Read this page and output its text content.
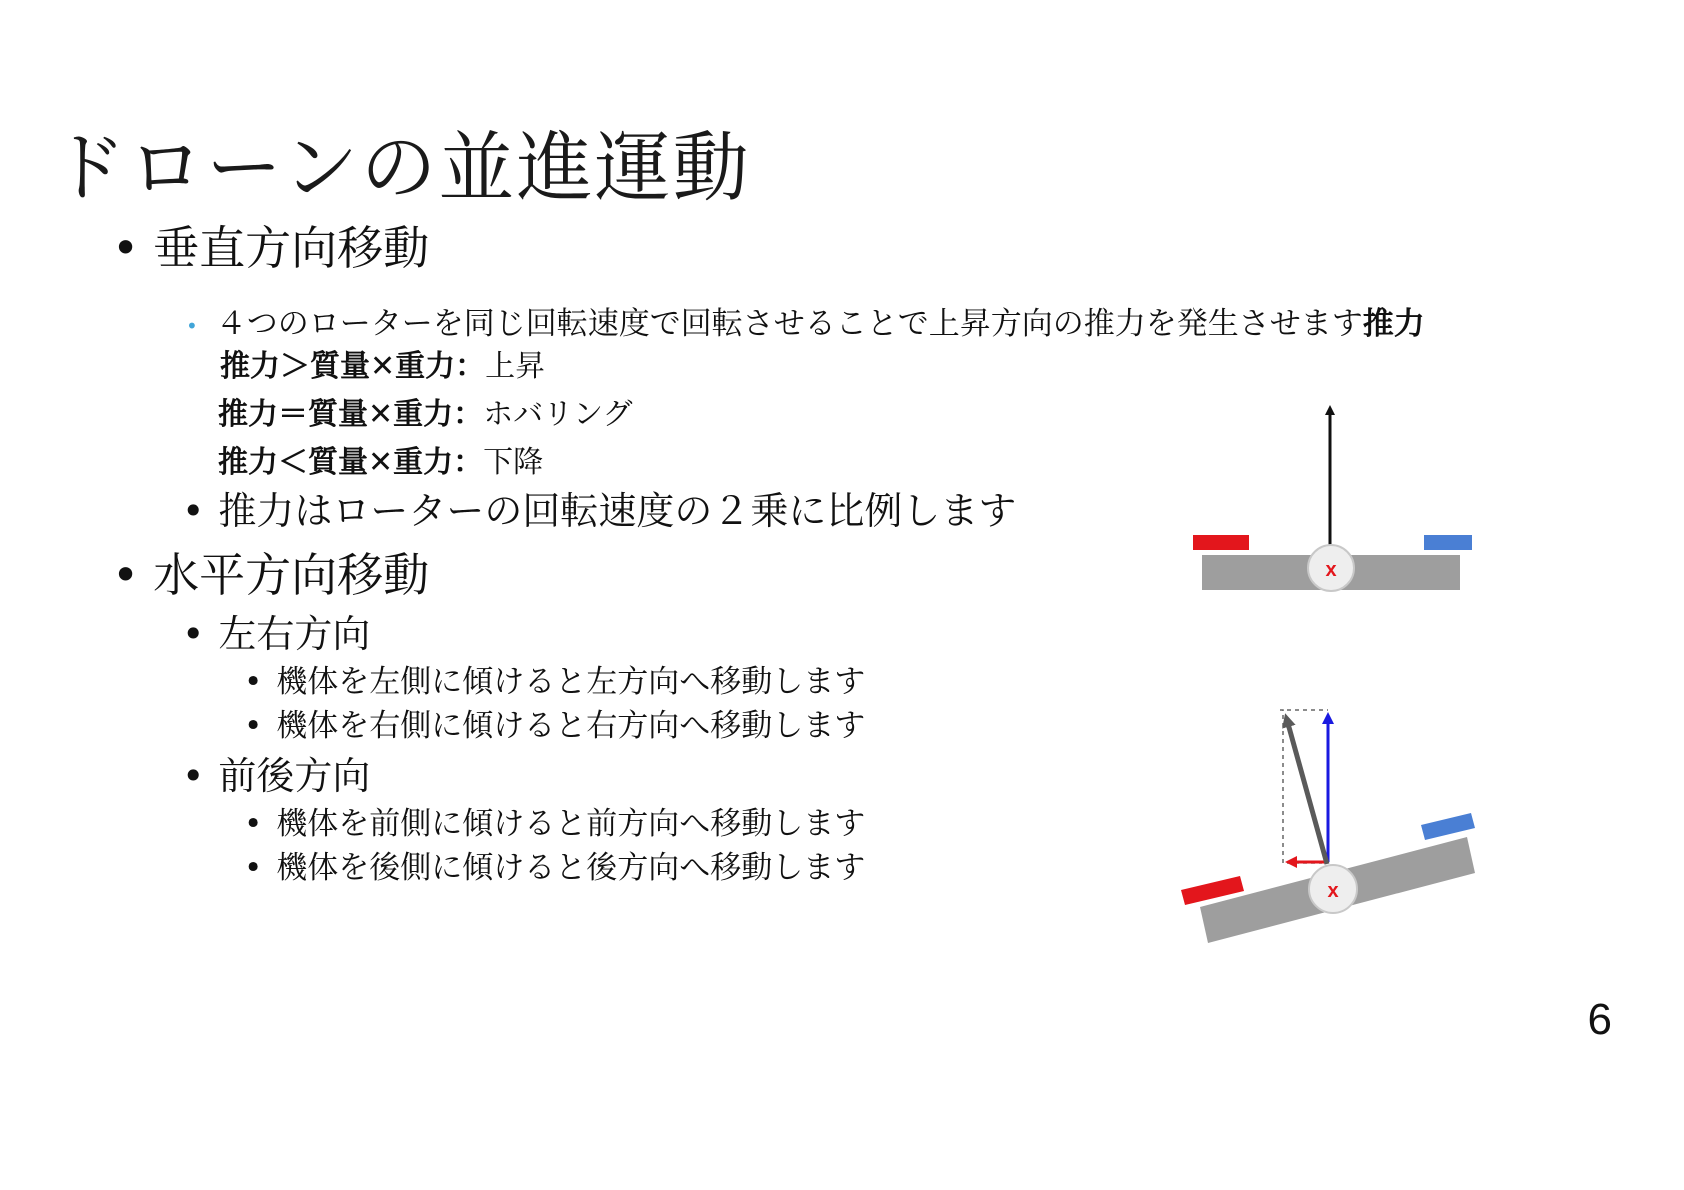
ドローンの並進運動
• 垂直方向移動
• ４つのローターを同じ回転速度で回転させることで上昇方向の推力を発生させます推力
推力＞質量✕重力：上昇
推力＝質量✕重力：ホバリング
推力＜質量✕重力：下降
• 推力はローターの回転速度の２乗に比例します
• 水平方向移動
• 左右方向
• 機体を左側に傾けると左方向へ移動します
• 機体を右側に傾けると右方向へ移動します
• 前後方向
• 機体を前側に傾けると前方向へ移動します
• 機体を後側に傾けると後方向へ移動します
x
x
6
